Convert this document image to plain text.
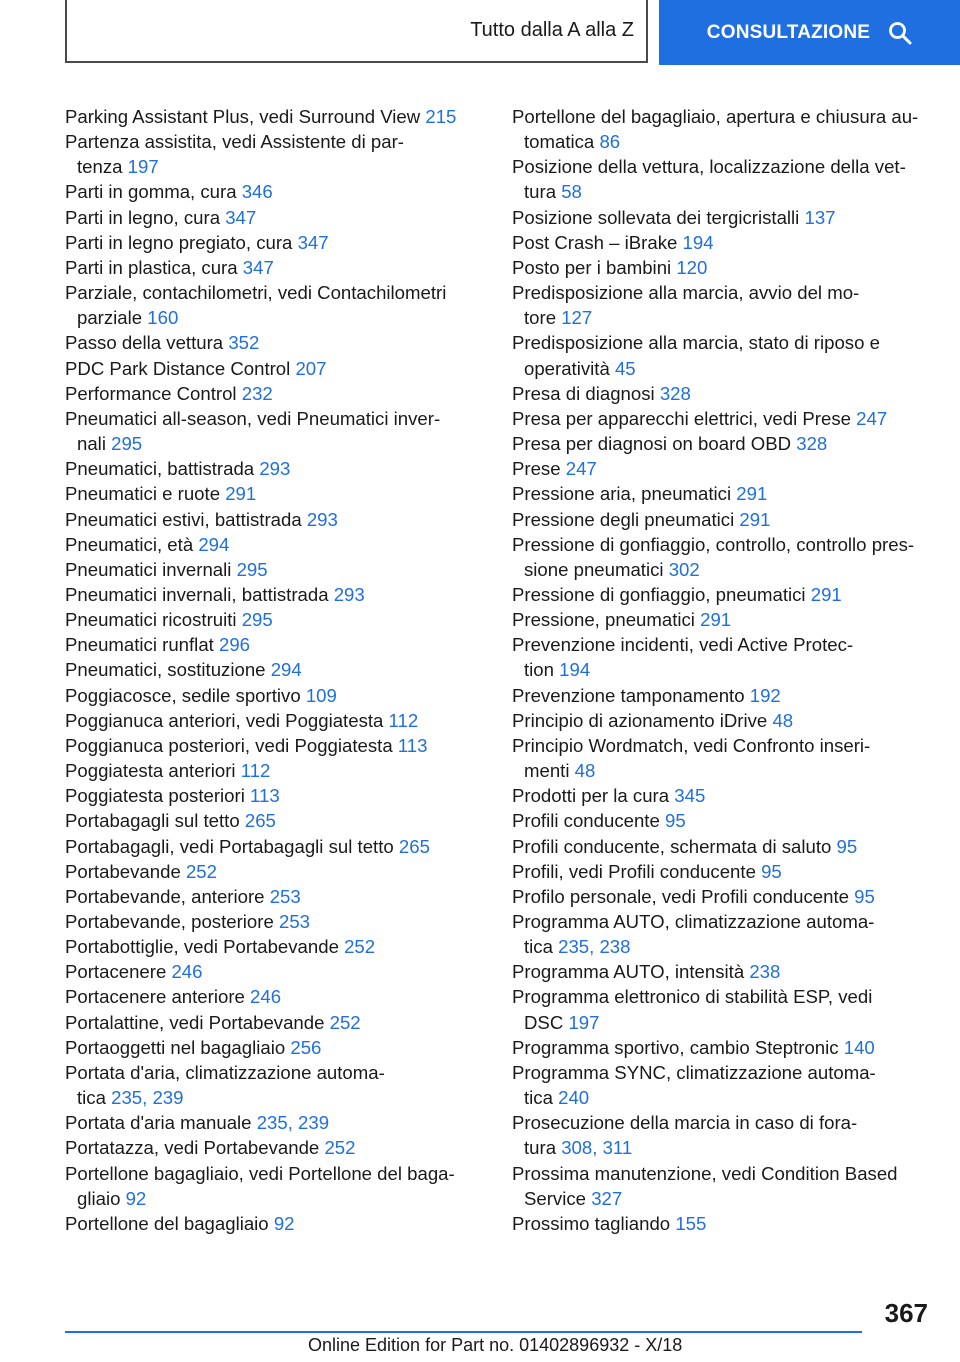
Tutto dalla A alla Z	CONSULTAZIONE
Parking Assistant Plus, vedi Surround View 215
Partenza assistita, vedi Assistente di par-
tenza 197
Parti in gomma, cura 346
Parti in legno, cura 347
Parti in legno pregiato, cura 347
Parti in plastica, cura 347
Parziale, contachilometri, vedi Contachilometri
parziale 160
Passo della vettura 352
PDC Park Distance Control 207
Performance Control 232
Pneumatici all-season, vedi Pneumatici inver-
nali 295
Pneumatici, battistrada 293
Pneumatici e ruote 291
Pneumatici estivi, battistrada 293
Pneumatici, età 294
Pneumatici invernali 295
Pneumatici invernali, battistrada 293
Pneumatici ricostruiti 295
Pneumatici runflat 296
Pneumatici, sostituzione 294
Poggiacosce, sedile sportivo 109
Poggianuca anteriori, vedi Poggiatesta 112
Poggianuca posteriori, vedi Poggiatesta 113
Poggiatesta anteriori 112
Poggiatesta posteriori 113
Portabagagli sul tetto 265
Portabagagli, vedi Portabagagli sul tetto 265
Portabevande 252
Portabevande, anteriore 253
Portabevande, posteriore 253
Portabottiglie, vedi Portabevande 252
Portacenere 246
Portacenere anteriore 246
Portalattine, vedi Portabevande 252
Portaoggetti nel bagagliaio 256
Portata d'aria, climatizzazione automa-
tica 235, 239
Portata d'aria manuale 235, 239
Portatazza, vedi Portabevande 252
Portellone bagagliaio, vedi Portellone del baga-
gliaio 92
Portellone del bagagliaio 92
Portellone del bagagliaio, apertura e chiusura au-
tomatica 86
Posizione della vettura, localizzazione della vet-
tura 58
Posizione sollevata dei tergicristalli 137
Post Crash – iBrake 194
Posto per i bambini 120
Predisposizione alla marcia, avvio del mo-
tore 127
Predisposizione alla marcia, stato di riposo e
operatività 45
Presa di diagnosi 328
Presa per apparecchi elettrici, vedi Prese 247
Presa per diagnosi on board OBD 328
Prese 247
Pressione aria, pneumatici 291
Pressione degli pneumatici 291
Pressione di gonfiaggio, controllo, controllo pres-
sione pneumatici 302
Pressione di gonfiaggio, pneumatici 291
Pressione, pneumatici 291
Prevenzione incidenti, vedi Active Protec-
tion 194
Prevenzione tamponamento 192
Principio di azionamento iDrive 48
Principio Wordmatch, vedi Confronto inseri-
menti 48
Prodotti per la cura 345
Profili conducente 95
Profili conducente, schermata di saluto 95
Profili, vedi Profili conducente 95
Profilo personale, vedi Profili conducente 95
Programma AUTO, climatizzazione automa-
tica 235, 238
Programma AUTO, intensità 238
Programma elettronico di stabilità ESP, vedi
DSC 197
Programma sportivo, cambio Steptronic 140
Programma SYNC, climatizzazione automa-
tica 240
Prosecuzione della marcia in caso di fora-
tura 308, 311
Prossima manutenzione, vedi Condition Based
Service 327
Prossimo tagliando 155
367
Online Edition for Part no. 01402896932 - X/18
